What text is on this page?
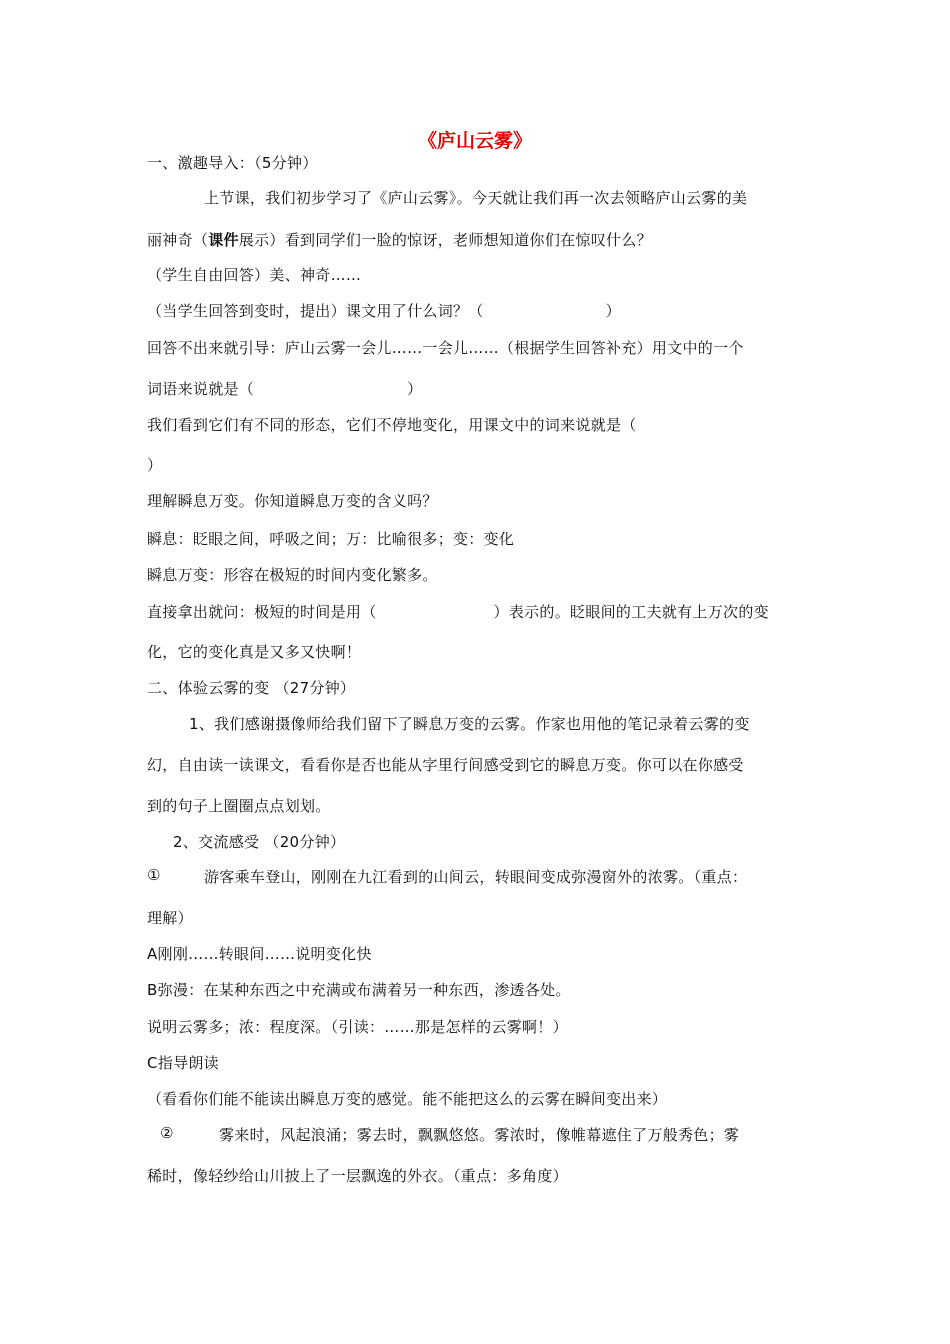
《庐山云雾》
一、激趣导入：（5分钟）
上节课，我们初步学习了《庐山云雾》。今天就让我们再一次去领略庐山云雾的美
丽神奇（课件展示）看到同学们一脸的惊讶，老师想知道你们在惊叹什么？
（学生自由回答）美、神奇……
（当学生回答到变时，提出）课文用了什么词？（	）
回答不出来就引导：庐山云雾一会儿……一会儿……（根据学生回答补充）用文中的一个
词语来说就是（	）
我们看到它们有不同的形态，它们不停地变化，用课文中的词来说就是（
）
理解瞬息万变。你知道瞬息万变的含义吗？
瞬息：眨眼之间，呼吸之间；万：比喻很多；变：变化
瞬息万变：形容在极短的时间内变化繁多。
直接拿出就问：极短的时间是用（	）表示的。眨眼间的工夫就有上万次的变
化，它的变化真是又多又快啊！
二、体验云雾的变 （27分钟）
1、我们感谢摄像师给我们留下了瞬息万变的云雾。作家也用他的笔记录着云雾的变
幻，自由读一读课文，看看你是否也能从字里行间感受到它的瞬息万变。你可以在你感受
到的句子上圈圈点点划划。
2、交流感受 （20分钟）
①	游客乘车登山，刚刚在九江看到的山间云，转眼间变成弥漫窗外的浓雾。（重点：
理解）
A刚刚……转眼间……说明变化快
B弥漫：在某种东西之中充满或布满着另一种东西，渗透各处。
说明云雾多；浓：程度深。（引读：……那是怎样的云雾啊！）
C指导朗读
（看看你们能不能读出瞬息万变的感觉。能不能把这么的云雾在瞬间变出来）
②	雾来时，风起浪涌；雾去时，飘飘悠悠。雾浓时，像帷幕遮住了万般秀色；雾
稀时，像轻纱给山川披上了一层飘逸的外衣。（重点：多角度）
